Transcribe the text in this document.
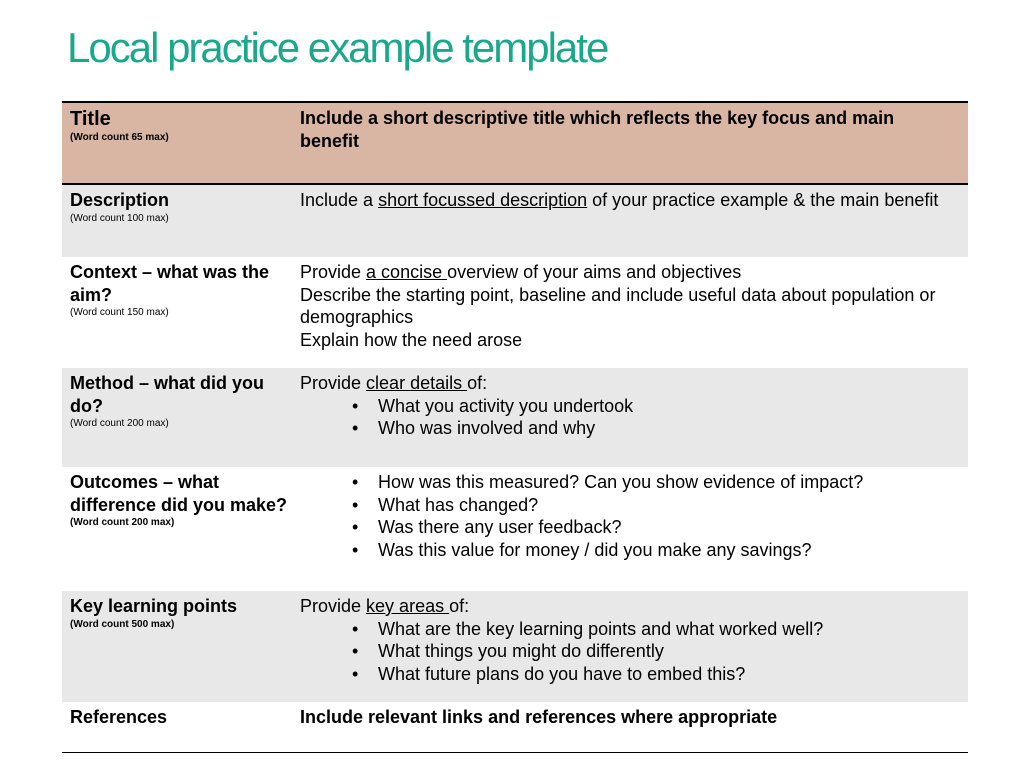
Local practice example template
Title
(Word count 65 max)
Include a short descriptive title which reflects the key focus and main benefit
Description
(Word count 100 max)
Include a short focussed description of your practice example & the main benefit
Context – what was the aim?
(Word count 150 max)
Provide a concise overview of your aims and objectives
Describe the starting point, baseline and include useful data about population or demographics
Explain how the need arose
Method – what did you do?
(Word count 200 max)
Provide clear details of:
• What you activity you undertook
• Who was involved and why
Outcomes – what difference did you make?
(Word count 200 max)
• How was this measured? Can you show evidence of impact?
• What has changed?
• Was there any user feedback?
• Was this value for money / did you make any savings?
Key learning points
(Word count 500 max)
Provide key areas of:
• What are the key learning points and what worked well?
• What things you might do differently
• What future plans do you have to embed this?
References	Include relevant links and references where appropriate
